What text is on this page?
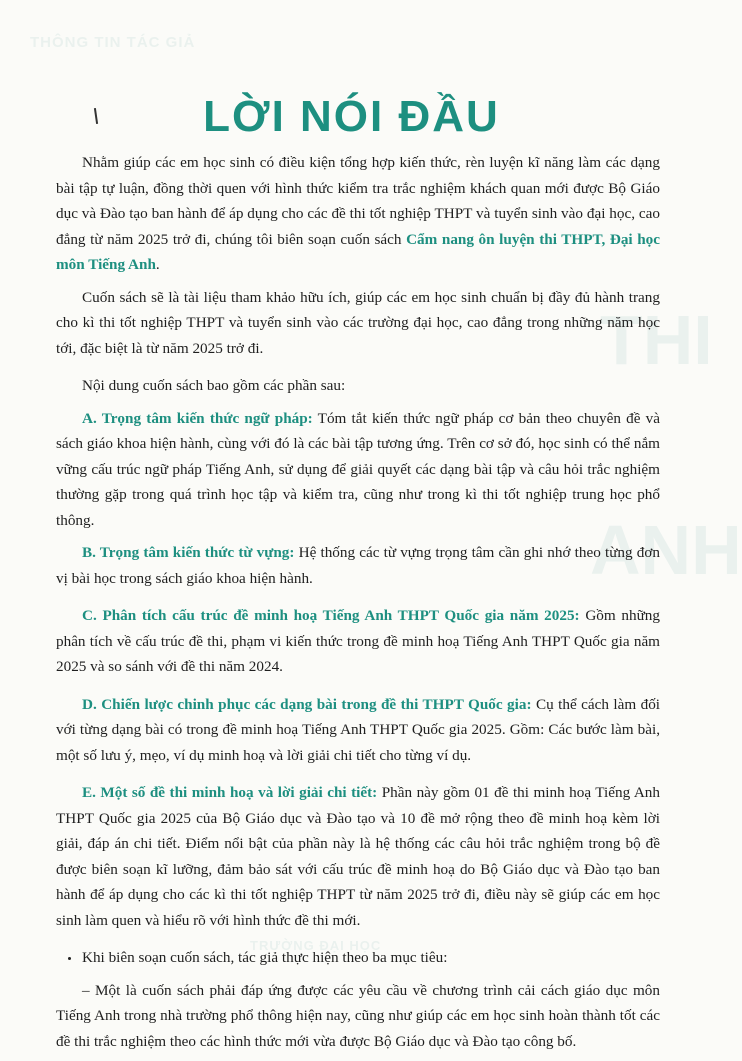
THÔNG TIN TÁC GIẢ
THI
ANH
TRƯỜNG ĐẠI HỌC
LỜI NÓI ĐẦU

Nhằm giúp các em học sinh có điều kiện tổng hợp kiến thức, rèn luyện kĩ năng làm các dạng bài tập tự luận, đồng thời quen với hình thức kiểm tra trắc nghiệm khách quan mới được Bộ Giáo dục và Đào tạo ban hành để áp dụng cho các đề thi tốt nghiệp THPT và tuyển sinh vào đại học, cao đẳng từ năm 2025 trở đi, chúng tôi biên soạn cuốn sách Cẩm nang ôn luyện thi THPT, Đại học môn Tiếng Anh.

Cuốn sách sẽ là tài liệu tham khảo hữu ích, giúp các em học sinh chuẩn bị đầy đủ hành trang cho kì thi tốt nghiệp THPT và tuyển sinh vào các trường đại học, cao đẳng trong những năm học tới, đặc biệt là từ năm 2025 trở đi.

Nội dung cuốn sách bao gồm các phần sau:

A. Trọng tâm kiến thức ngữ pháp: Tóm tắt kiến thức ngữ pháp cơ bản theo chuyên đề và sách giáo khoa hiện hành, cùng với đó là các bài tập tương ứng. Trên cơ sở đó, học sinh có thể nắm vững cấu trúc ngữ pháp Tiếng Anh, sử dụng để giải quyết các dạng bài tập và câu hỏi trắc nghiệm thường gặp trong quá trình học tập và kiểm tra, cũng như trong kì thi tốt nghiệp trung học phổ thông.

B. Trọng tâm kiến thức từ vựng: Hệ thống các từ vựng trọng tâm cần ghi nhớ theo từng đơn vị bài học trong sách giáo khoa hiện hành.

C. Phân tích cấu trúc đề minh hoạ Tiếng Anh THPT Quốc gia năm 2025: Gồm những phân tích về cấu trúc đề thi, phạm vi kiến thức trong đề minh hoạ Tiếng Anh THPT Quốc gia năm 2025 và so sánh với đề thi năm 2024.

D. Chiến lược chinh phục các dạng bài trong đề thi THPT Quốc gia: Cụ thể cách làm đối với từng dạng bài có trong đề minh hoạ Tiếng Anh THPT Quốc gia 2025. Gồm: Các bước làm bài, một số lưu ý, mẹo, ví dụ minh hoạ và lời giải chi tiết cho từng ví dụ.

E. Một số đề thi minh hoạ và lời giải chi tiết: Phần này gồm 01 đề thi minh hoạ Tiếng Anh THPT Quốc gia 2025 của Bộ Giáo dục và Đào tạo và 10 đề mở rộng theo đề minh hoạ kèm lời giải, đáp án chi tiết. Điểm nổi bật của phần này là hệ thống các câu hỏi trắc nghiệm trong bộ đề được biên soạn kĩ lưỡng, đảm bảo sát với cấu trúc đề minh hoạ do Bộ Giáo dục và Đào tạo ban hành để áp dụng cho các kì thi tốt nghiệp THPT từ năm 2025 trở đi, điều này sẽ giúp các em học sinh làm quen và hiểu rõ với hình thức đề thi mới.

Khi biên soạn cuốn sách, tác giả thực hiện theo ba mục tiêu:

– Một là cuốn sách phải đáp ứng được các yêu cầu về chương trình cải cách giáo dục môn Tiếng Anh trong nhà trường phổ thông hiện nay, cũng như giúp các em học sinh hoàn thành tốt các đề thi trắc nghiệm theo các hình thức mới vừa được Bộ Giáo dục và Đào tạo công bố.
